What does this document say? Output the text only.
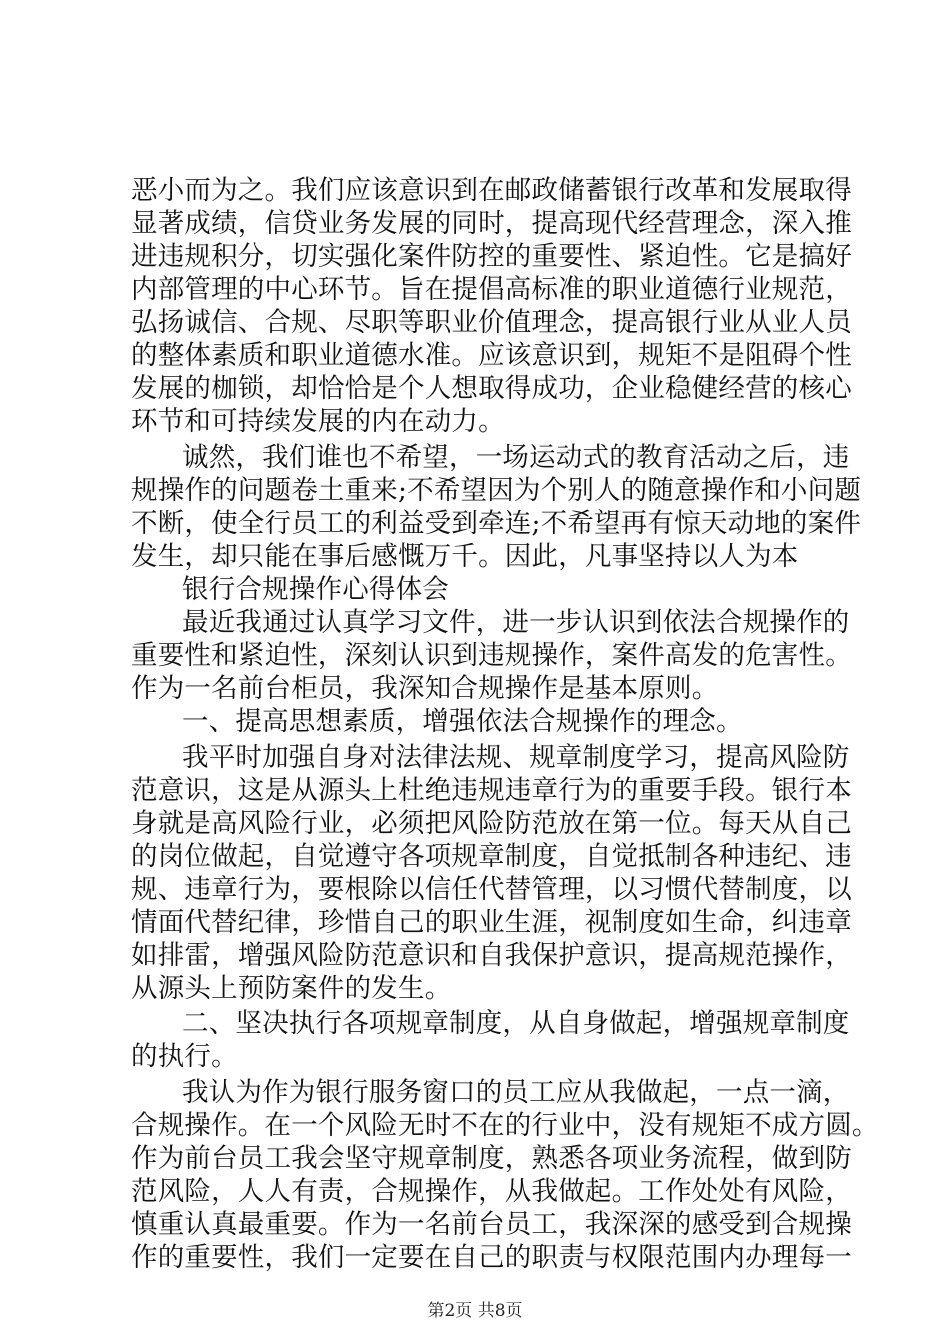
恶小而为之。我们应该意识到在邮政储蓄银行改革和发展取得
显著成绩，信贷业务发展的同时，提高现代经营理念，深入推
进违规积分，切实强化案件防控的重要性、紧迫性。它是搞好
内部管理的中心环节。旨在提倡高标准的职业道德行业规范，
弘扬诚信、合规、尽职等职业价值理念，提高银行业从业人员
的整体素质和职业道德水准。应该意识到，规矩不是阻碍个性
发展的枷锁，却恰恰是个人想取得成功，企业稳健经营的核心
环节和可持续发展的内在动力。
诚然，我们谁也不希望，一场运动式的教育活动之后，违
规操作的问题卷土重来;不希望因为个别人的随意操作和小问题
不断，使全行员工的利益受到牵连;不希望再有惊天动地的案件
发生，却只能在事后感慨万千。因此，凡事坚持以人为本
银行合规操作心得体会
最近我通过认真学习文件，进一步认识到依法合规操作的
重要性和紧迫性，深刻认识到违规操作，案件高发的危害性。
作为一名前台柜员，我深知合规操作是基本原则。
一、提高思想素质，增强依法合规操作的理念。
我平时加强自身对法律法规、规章制度学习，提高风险防
范意识，这是从源头上杜绝违规违章行为的重要手段。银行本
身就是高风险行业，必须把风险防范放在第一位。每天从自己
的岗位做起，自觉遵守各项规章制度，自觉抵制各种违纪、违
规、违章行为，要根除以信任代替管理，以习惯代替制度，以
情面代替纪律，珍惜自己的职业生涯，视制度如生命，纠违章
如排雷，增强风险防范意识和自我保护意识，提高规范操作，
从源头上预防案件的发生。
二、坚决执行各项规章制度，从自身做起，增强规章制度
的执行。
我认为作为银行服务窗口的员工应从我做起，一点一滴，
合规操作。在一个风险无时不在的行业中，没有规矩不成方圆。
作为前台员工我会坚守规章制度，熟悉各项业务流程，做到防
范风险，人人有责，合规操作，从我做起。工作处处有风险，
慎重认真最重要。作为一名前台员工，我深深的感受到合规操
作的重要性，我们一定要在自己的职责与权限范围内办理每一
第2页 共8页
